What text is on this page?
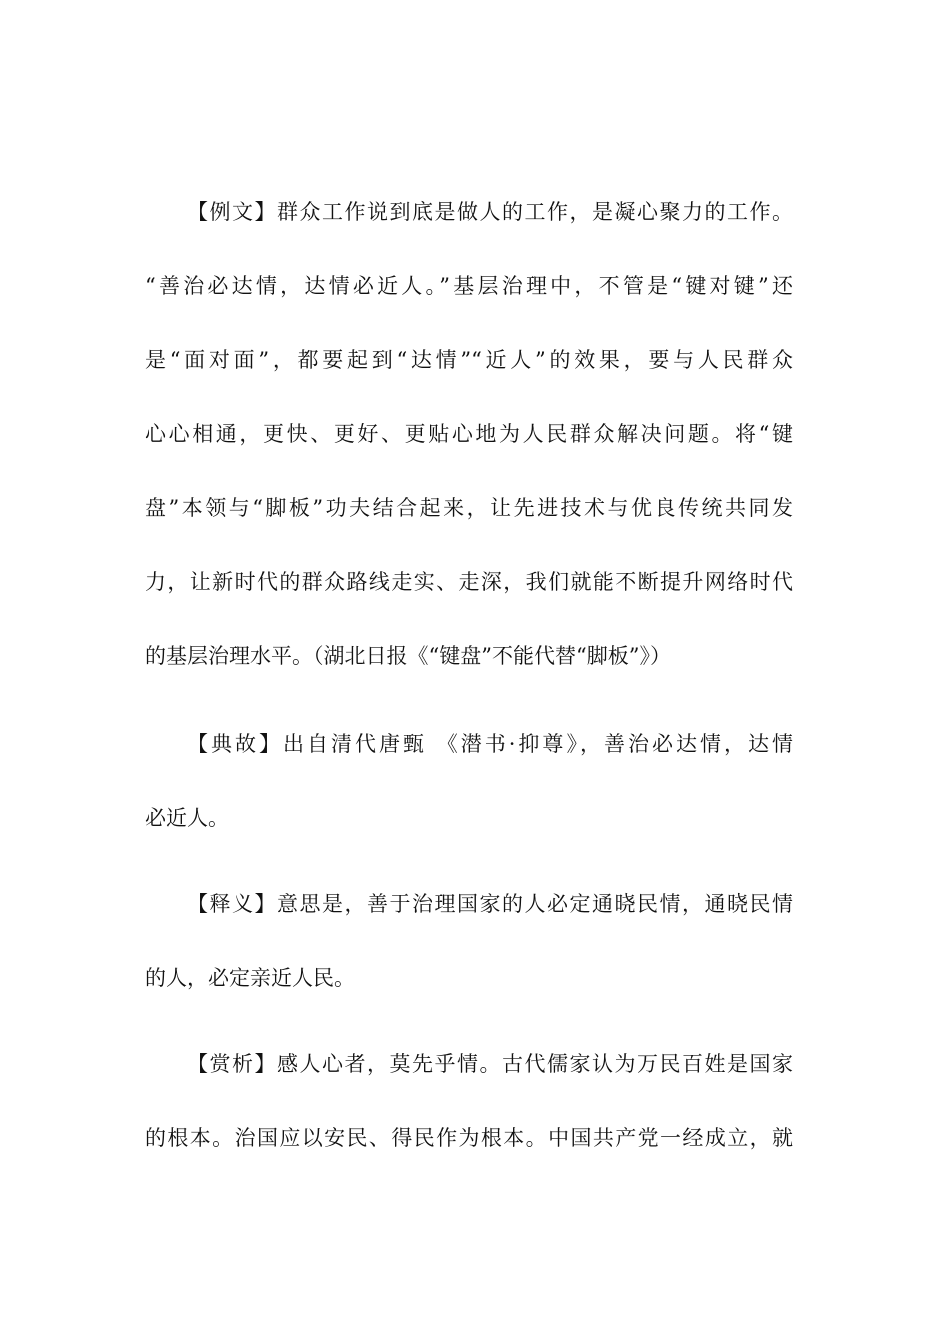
【例文】群众工作说到底是做人的工作，是凝心聚力的工作。
“善治必达情，达情必近人。”基层治理中，不管是“键对键”还
是“面对面”，都要起到“达情”“近人”的效果，要与人民群众
心心相通，更快、更好、更贴心地为人民群众解决问题。将“键
盘”本领与“脚板”功夫结合起来，让先进技术与优良传统共同发
力，让新时代的群众路线走实、走深，我们就能不断提升网络时代
的基层治理水平。（湖北日报《“键盘”不能代替“脚板”》）
【典故】出自清代唐甄 《潜书·抑尊》，善治必达情，达情
必近人。
【释义】意思是，善于治理国家的人必定通晓民情，通晓民情
的人，必定亲近人民。
【赏析】感人心者，莫先乎情。古代儒家认为万民百姓是国家
的根本。治国应以安民、得民作为根本。中国共产党一经成立，就
